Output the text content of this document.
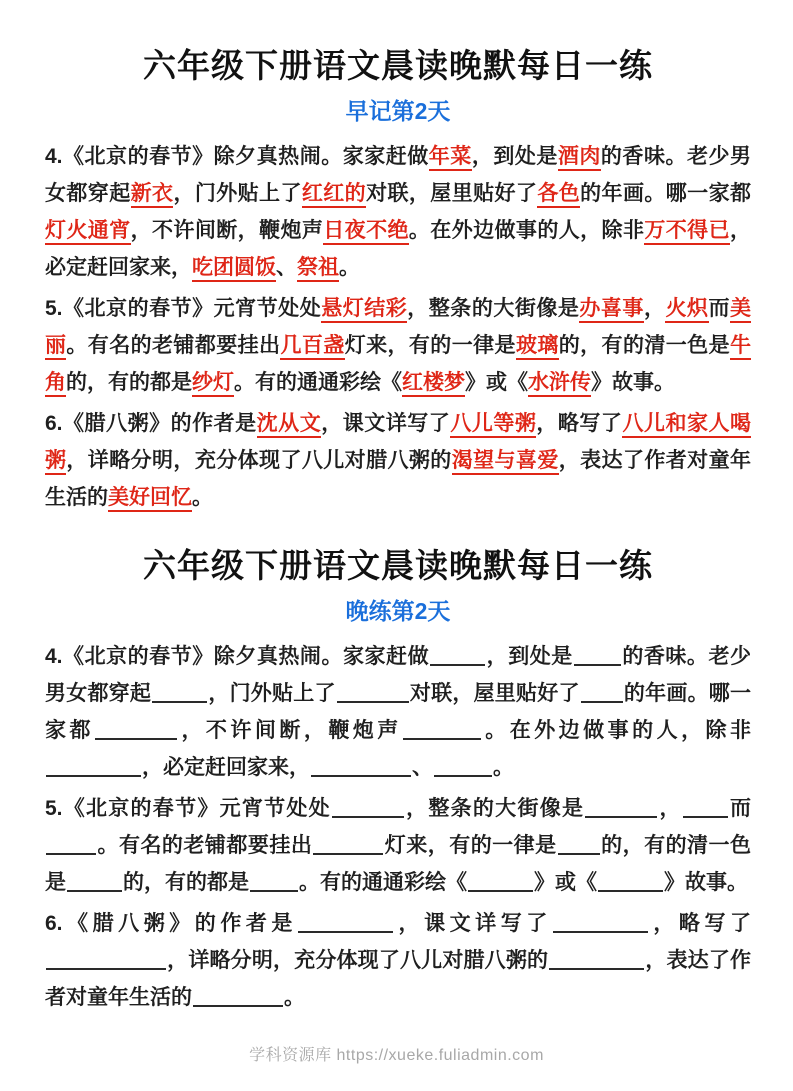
六年级下册语文晨读晚默每日一练
早记第2天

4.《北京的春节》除夕真热闹。家家赶做年菜，到处是酒肉的香味。老少男女都穿起新衣，门外贴上了红红的对联，屋里贴好了各色的年画。哪一家都灯火通宵，不许间断，鞭炮声日夜不绝。在外边做事的人，除非万不得已，必定赶回家来，吃团圆饭、祭祖。

5.《北京的春节》元宵节处处悬灯结彩，整条的大街像是办喜事，火炽而美丽。有名的老铺都要挂出几百盏灯来，有的一律是玻璃的，有的清一色是牛角的，有的都是纱灯。有的通通彩绘《红楼梦》或《水浒传》故事。

6.《腊八粥》的作者是沈从文，课文详写了八儿等粥，略写了八儿和家人喝粥，详略分明，充分体现了八儿对腊八粥的渴望与喜爱，表达了作者对童年生活的美好回忆。

六年级下册语文晨读晚默每日一练
晚练第2天

4.《北京的春节》除夕真热闹。家家赶做	，到处是 的香味。老少男女都穿起	，门外贴上了	对联，屋里贴好了 的年画。哪一家都	，不许间断，鞭炮声	。在外边做事的人，除非，必定赶回家来，	、	。

5.《北京的春节》元宵节处处	，整条的大街像是	， 而。有名的老铺都要挂出	灯来，有的一律是 的，有的清一色是	的，有的都是 。有的通通彩绘《	》或《	》故事。

6.《腊八粥》的作者是	，课文详写了	，略写了，详略分明，充分体现了八儿对腊八粥的	，表达了作者对童年生活的	。

学科资源库 https://xueke.fuliadmin.com
